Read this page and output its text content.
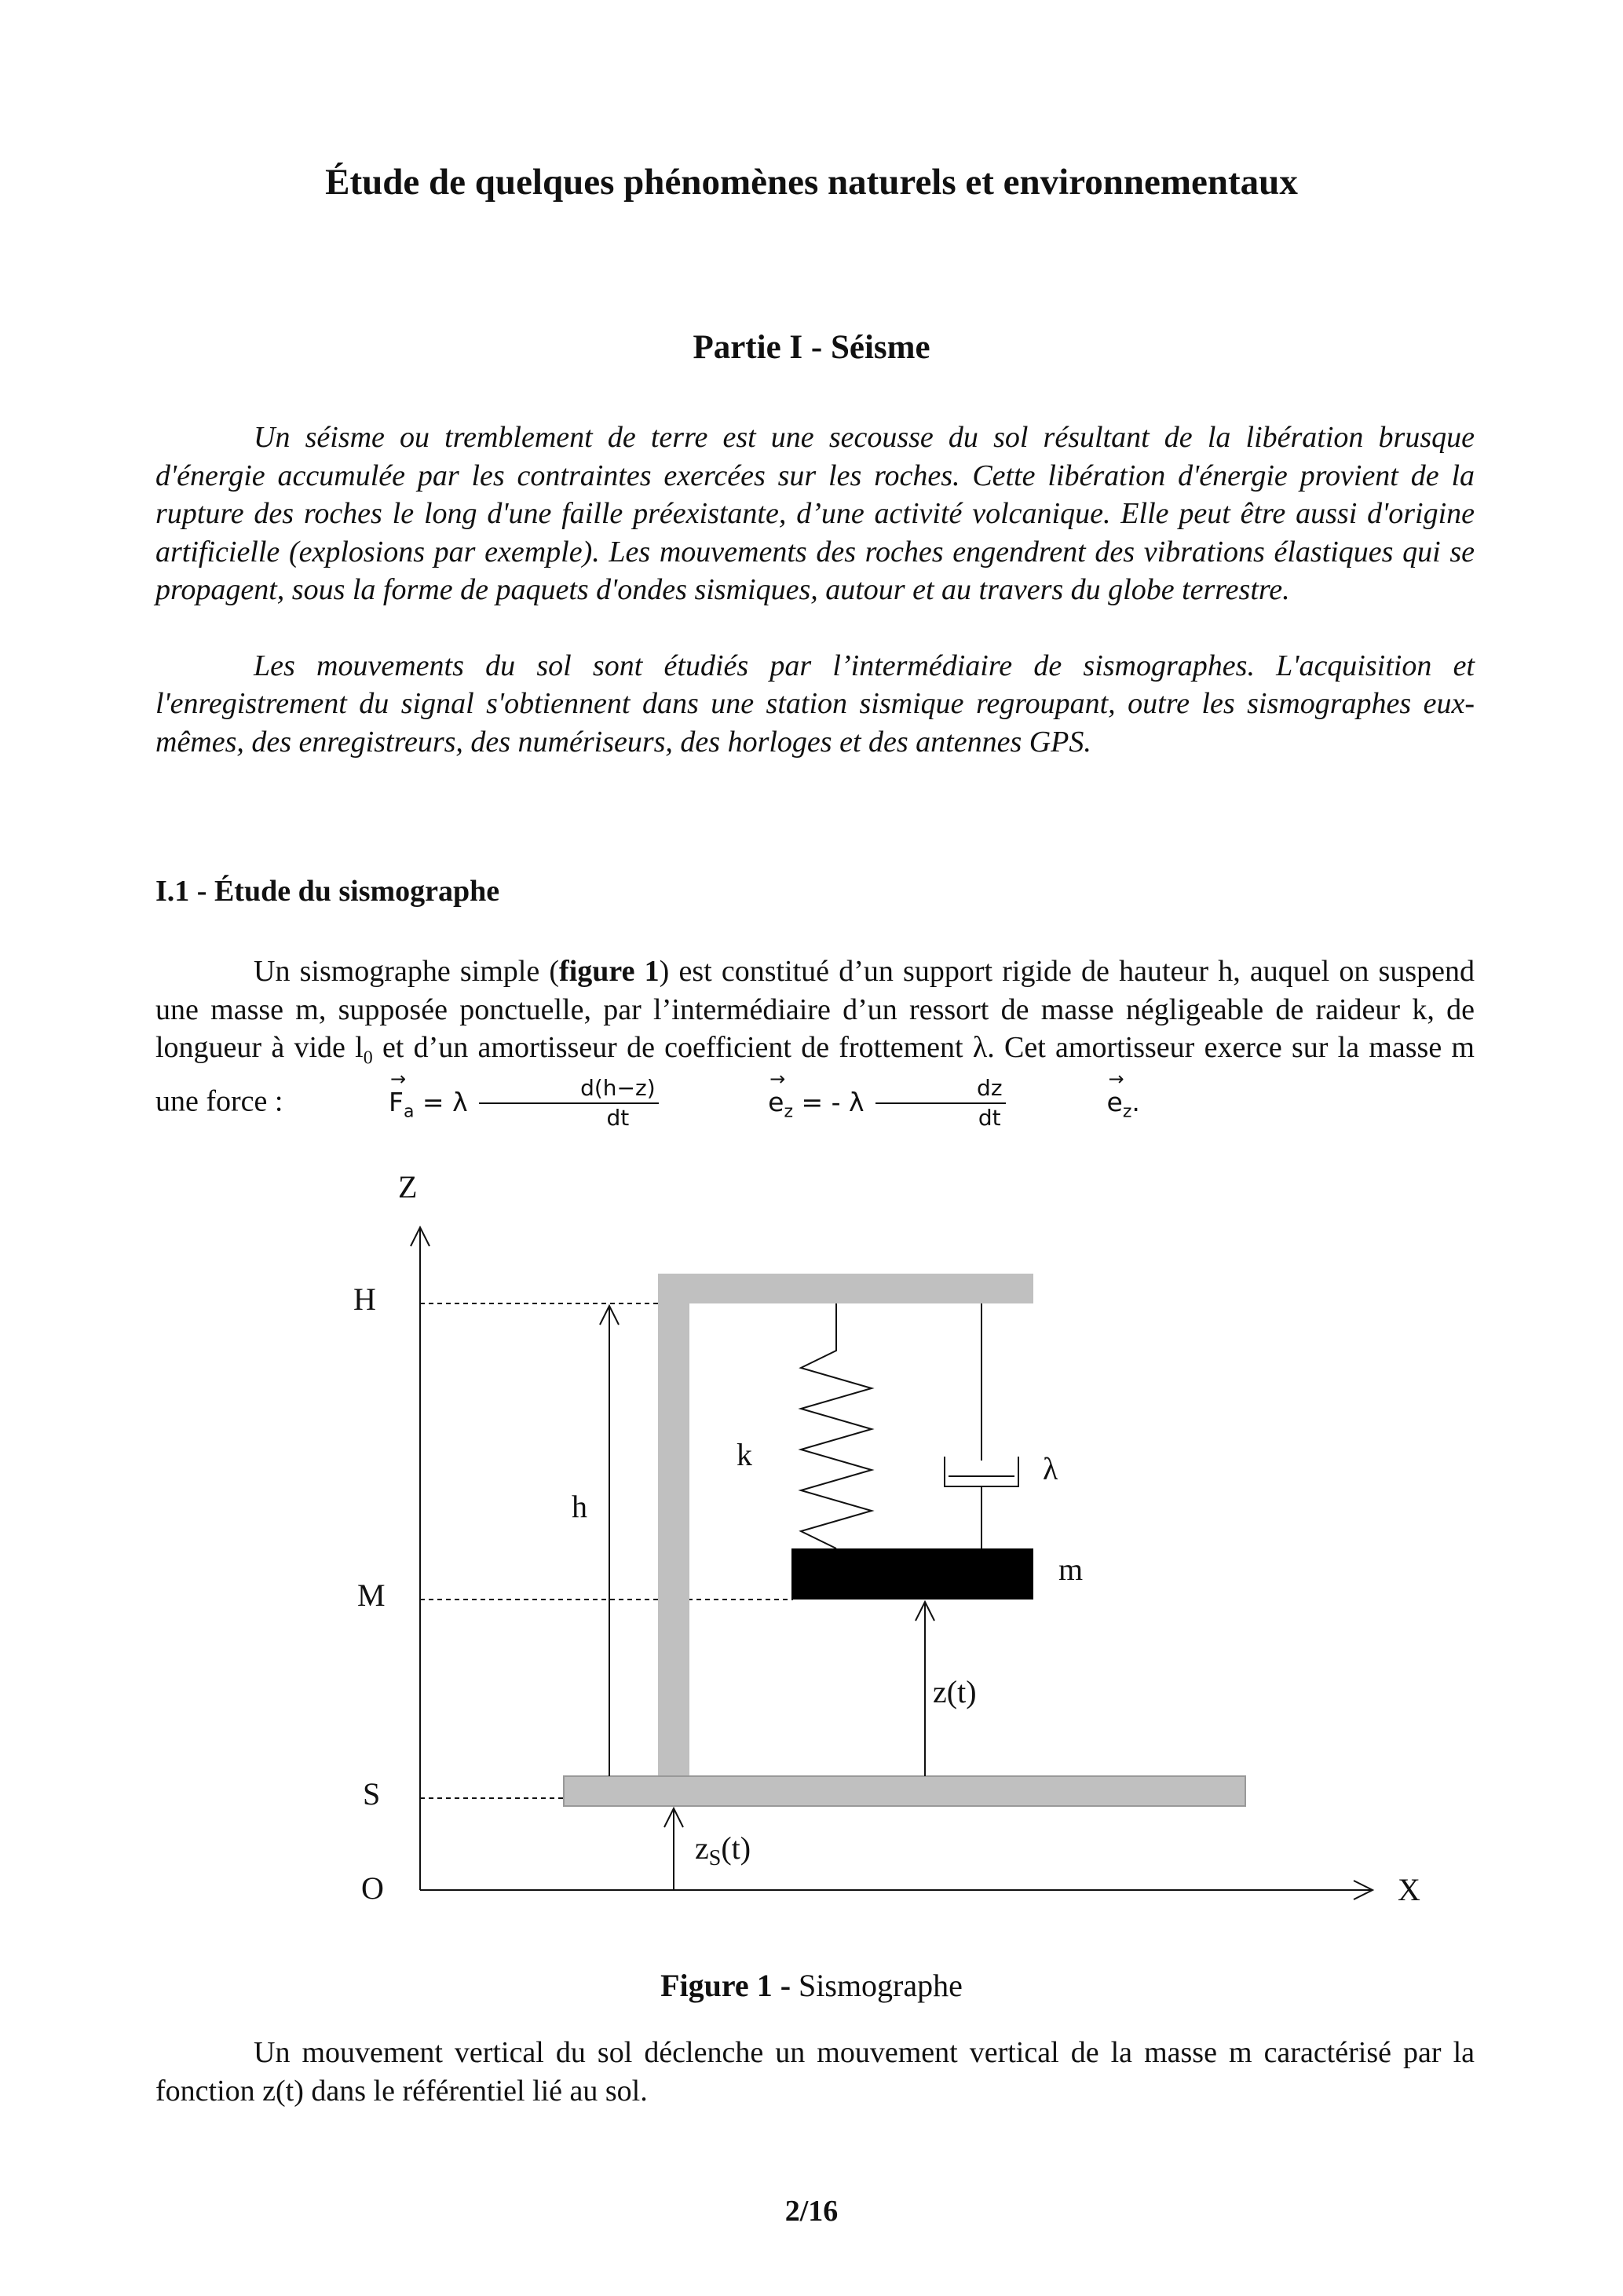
Étude de quelques phénomènes naturels et environnementaux
Partie I - Séisme

Un séisme ou tremblement de terre est une secousse du sol résultant de la libération brusque d'énergie accumulée par les contraintes exercées sur les roches. Cette libération d'énergie provient de la rupture des roches le long d'une faille préexistante, d’une activité volcanique. Elle peut être aussi d'origine artificielle (explosions par exemple). Les mouvements des roches engendrent des vibrations élastiques qui se propagent, sous la forme de paquets d'ondes sismiques, autour et au travers du globe terrestre.

Les mouvements du sol sont étudiés par l’intermédiaire de sismographes. L'acquisition et l'enregistrement du signal s'obtiennent dans une station sismique regroupant, outre les sismographes eux-mêmes, des enregistreurs, des numériseurs, des horloges et des antennes GPS.

I.1 - Étude du sismographe

Un sismographe simple (figure 1) est constitué d’un support rigide de hauteur h, auquel on suspend une masse m, supposée ponctuelle, par l’intermédiaire d’un ressort de masse négligeable de raideur k, de longueur à vide $l_0$ et d’un amortisseur de coefficient de frottement λ. Cet amortisseur exerce sur la masse m une force :	→ $F_a = \lambda \frac{d(h-z)}{dt}$	→ $e_z$ = - λ $\frac{dz}{dt}$	→ $e_z$.

Z
X
H
M
S
O
h
k	λ
m
z(t)
$z_S(t)$
Figure 1 - Sismographe

Un mouvement vertical du sol déclenche un mouvement vertical de la masse m caractérisé par la fonction z(t) dans le référentiel lié au sol.

2/16
